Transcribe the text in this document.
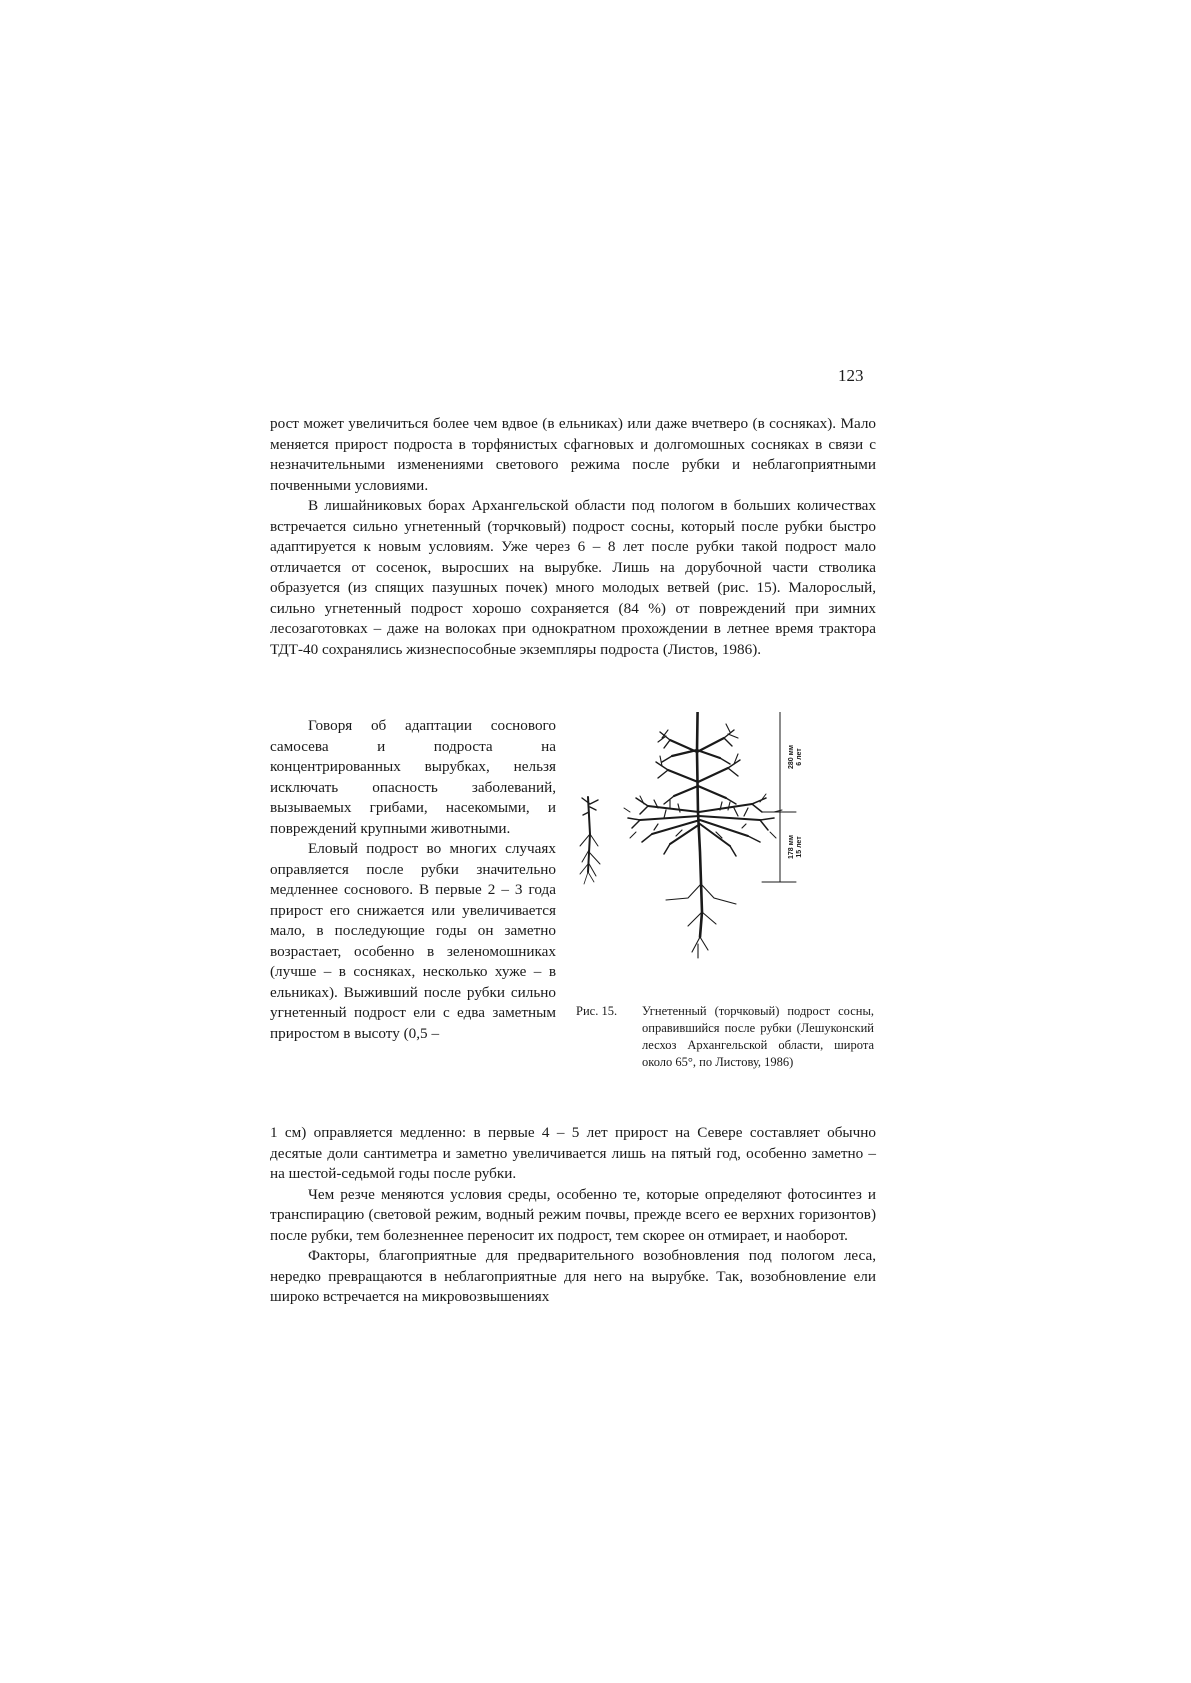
123

рост может увеличиться более чем вдвое (в ельниках) или даже вчетверо (в сосняках). Мало меняется прирост подроста в торфянистых сфагновых и долгомошных сосняках в связи с незначительными изменениями светового режима после рубки и неблагоприятными почвенными условиями.

В лишайниковых борах Архангельской области под пологом в больших количествах встречается сильно угнетенный (торчковый) подрост сосны, который после рубки быстро адаптируется к новым условиям. Уже через 6 – 8 лет после рубки такой подрост мало отличается от сосенок, выросших на вырубке. Лишь на дорубочной части стволика образуется (из спящих пазушных почек) много молодых ветвей (рис. 15). Малорослый, сильно угнетенный подрост хорошо сохраняется (84 %) от повреждений при зимних лесозаготовках – даже на волоках при однократном прохождении в летнее время трактора ТДТ-40 сохранялись жизнеспособные экземпляры подроста (Листов, 1986).

Говоря об адаптации соснового самосева и подроста на концентрированных вырубках, нельзя исключать опасность заболеваний, вызываемых грибами, насекомыми, и повреждений крупными животными.

Еловый подрост во многих случаях оправляется после рубки значительно медленнее соснового. В первые 2 – 3 года прирост его снижается или увеличивается мало, в последующие годы он заметно возрастает, особенно в зеленомошниках (лучше – в сосняках, несколько хуже – в ельниках). Выживший после рубки сильно угнетенный подрост ели с едва заметным приростом в высоту (0,5 –

280 мм 6 лет
178 мм 15 лет
Рис. 15.	Угнетенный (торчковый) подрост сосны, оправившийся после рубки (Лешуконский лесхоз Архангельской области, широта около 65°, по Листову, 1986)

1 см) оправляется медленно: в первые 4 – 5 лет прирост на Севере составляет обычно десятые доли сантиметра и заметно увеличивается лишь на пятый год, особенно заметно – на шестой-седьмой годы после рубки.

Чем резче меняются условия среды, особенно те, которые определяют фотосинтез и транспирацию (световой режим, водный режим почвы, прежде всего ее верхних горизонтов) после рубки, тем болезненнее переносит их подрост, тем скорее он отмирает, и наоборот.

Факторы, благоприятные для предварительного возобновления под пологом леса, нередко превращаются в неблагоприятные для него на вырубке. Так, возобновление ели широко встречается на микровозвышениях
